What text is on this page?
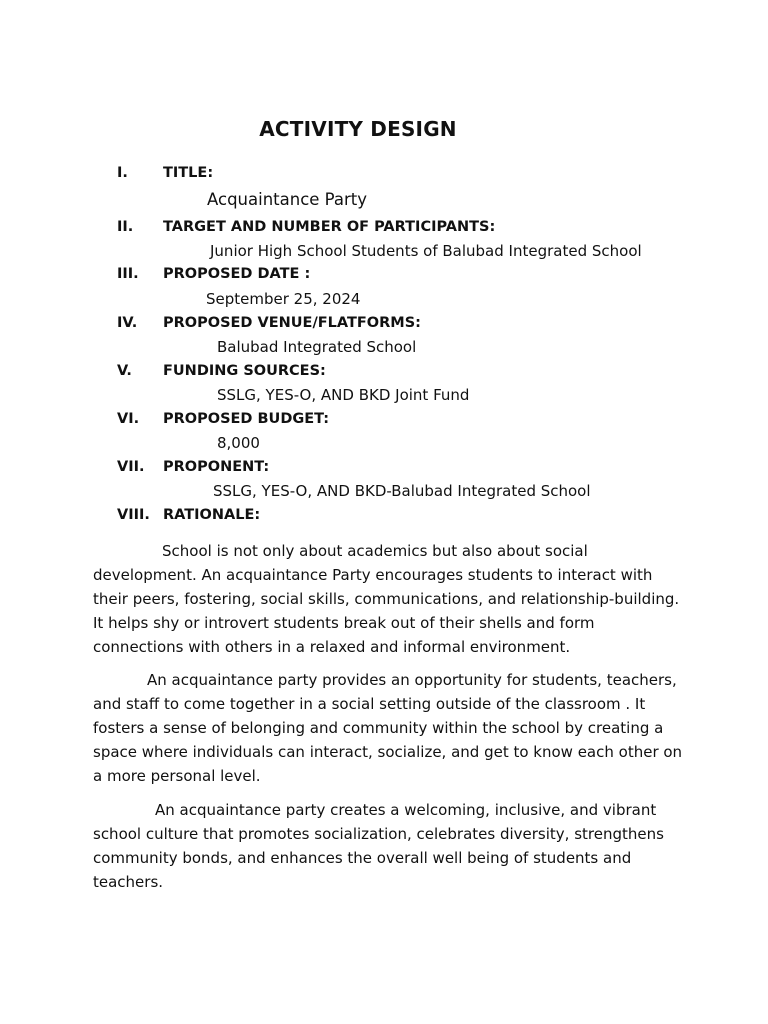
ACTIVITY DESIGN
I. TITLE:
Acquaintance Party
II. TARGET AND NUMBER OF PARTICIPANTS:
Junior High School Students of Balubad Integrated School
III. PROPOSED DATE :
September 25, 2024
IV. PROPOSED VENUE/FLATFORMS:
Balubad Integrated School
V. FUNDING SOURCES:
SSLG, YES-O, AND BKD Joint Fund
VI. PROPOSED BUDGET:
8,000
VII. PROPONENT:
SSLG, YES-O, AND BKD-Balubad Integrated School
VIII. RATIONALE:

School is not only about academics but also about social development. An acquaintance Party encourages students to interact with their peers, fostering, social skills, communications, and relationship-building. It helps shy or introvert students break out of their shells and form connections with others in a relaxed and informal environment.

An acquaintance party provides an opportunity for students, teachers, and staff to come together in a social setting outside of the classroom . It fosters a sense of belonging and community within the school by creating a space where individuals can interact, socialize, and get to know each other on a more personal level.

An acquaintance party creates a welcoming, inclusive, and vibrant school culture that promotes socialization, celebrates diversity, strengthens community bonds, and enhances the overall well being of students and teachers.
